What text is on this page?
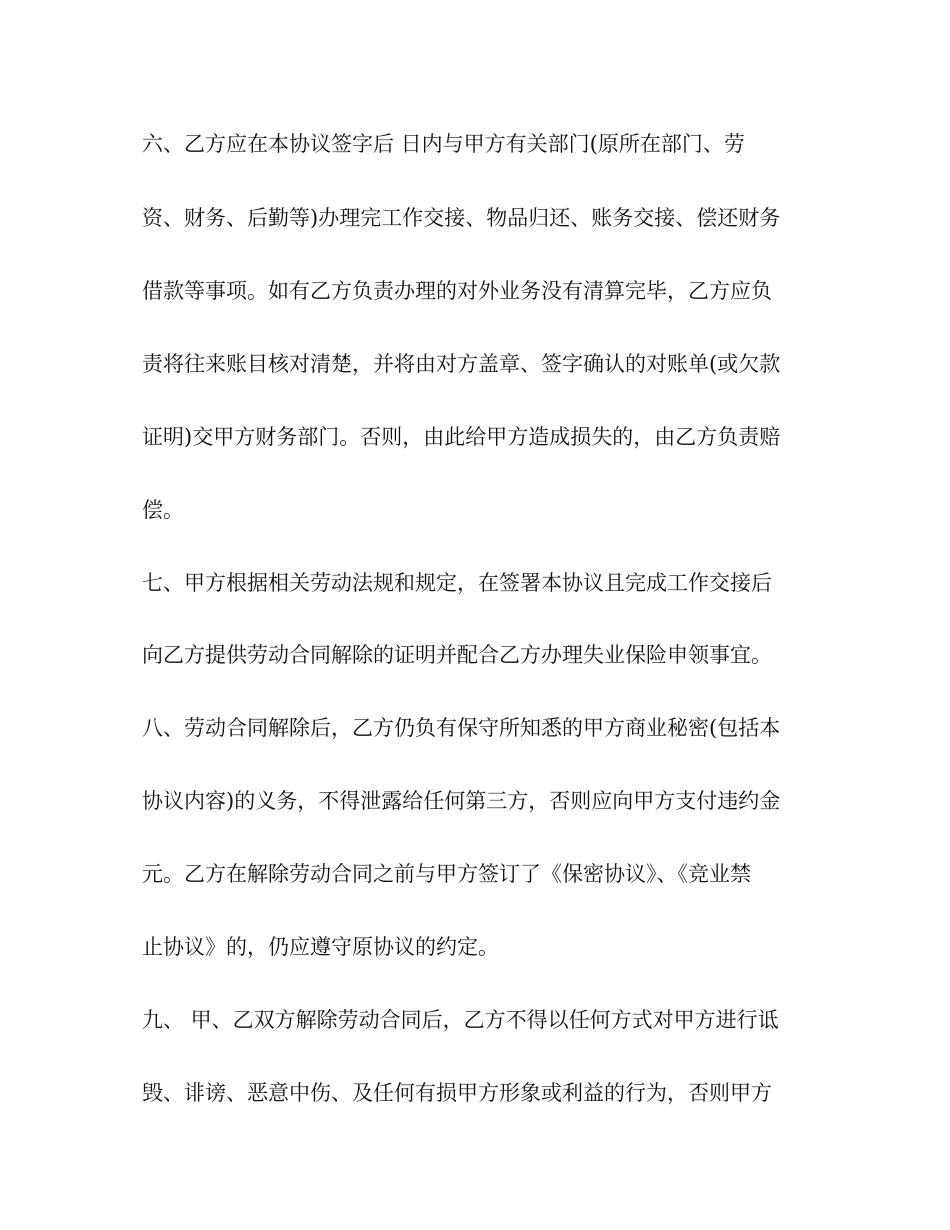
六、乙方应在本协议签字后 日内与甲方有关部门(原所在部门、劳
资、财务、后勤等)办理完工作交接、物品归还、账务交接、偿还财务
借款等事项。如有乙方负责办理的对外业务没有清算完毕，乙方应负
责将往来账目核对清楚，并将由对方盖章、签字确认的对账单(或欠款
证明)交甲方财务部门。否则，由此给甲方造成损失的，由乙方负责赔
偿。
七、甲方根据相关劳动法规和规定，在签署本协议且完成工作交接后
向乙方提供劳动合同解除的证明并配合乙方办理失业保险申领事宜。
八、劳动合同解除后，乙方仍负有保守所知悉的甲方商业秘密(包括本
协议内容)的义务，不得泄露给任何第三方，否则应向甲方支付违约金
元。乙方在解除劳动合同之前与甲方签订了《保密协议》、《竞业禁
止协议》的，仍应遵守原协议的约定。
九、 甲、乙双方解除劳动合同后，乙方不得以任何方式对甲方进行诋
毁、诽谤、恶意中伤、及任何有损甲方形象或利益的行为，否则甲方
